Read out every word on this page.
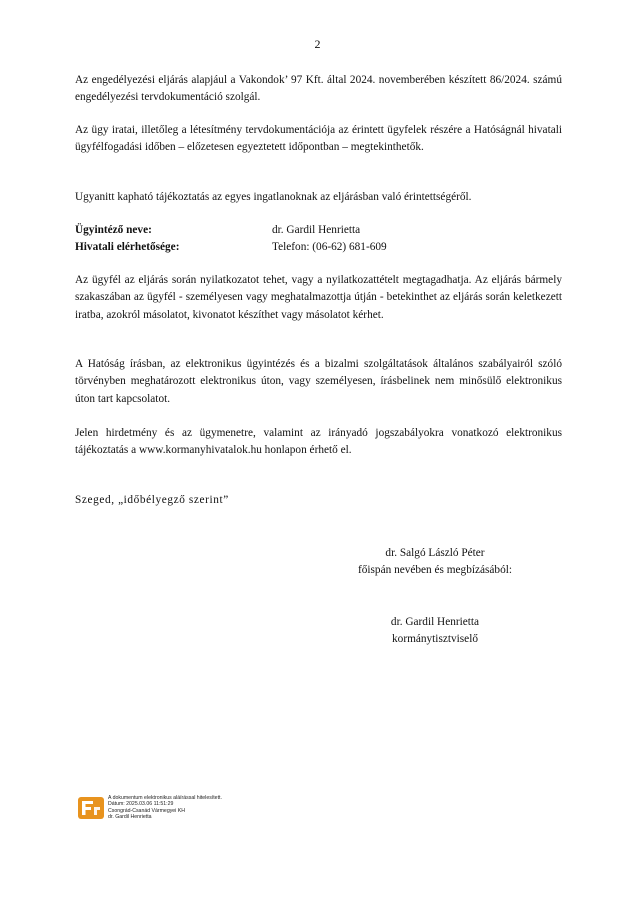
2

Az engedélyezési eljárás alapjául a Vakondok’ 97 Kft. által 2024. novemberében készített 86/2024. számú engedélyezési tervdokumentáció szolgál.

Az ügy iratai, illetőleg a létesítmény tervdokumentációja az érintett ügyfelek részére a Hatóságnál hivatali ügyfélfogadási időben – előzetesen egyeztetett időpontban – megtekinthetők.

Ugyanitt kapható tájékoztatás az egyes ingatlanoknak az eljárásban való érintettségéről.

Ügyintéző neve:	dr. Gardil Henrietta
Hivatali elérhetősége:	Telefon: (06-62) 681-609

Az ügyfél az eljárás során nyilatkozatot tehet, vagy a nyilatkozattételt megtagadhatja. Az eljárás bármely szakaszában az ügyfél - személyesen vagy meghatalmazottja útján - betekinthet az eljárás során keletkezett iratba, azokról másolatot, kivonatot készíthet vagy másolatot kérhet.

A Hatóság írásban, az elektronikus ügyintézés és a bizalmi szolgáltatások általános szabályairól szóló törvényben meghatározott elektronikus úton, vagy személyesen, írásbelinek nem minősülő elektronikus úton tart kapcsolatot.

Jelen hirdetmény és az ügymenetre, valamint az irányadó jogszabályokra vonatkozó elektronikus tájékoztatás a www.kormanyhivatalok.hu honlapon érhető el.

Szeged, „időbélyegző szerint”
dr. Salgó László Péter
főispán nevében és megbízásából:
dr. Gardil Henrietta
kormánytisztviselő
A dokumentum elektronikus aláírással hitelesített.
Dátum: 2025.03.06 11:51:29
Csongrád-Csanád Vármegyei KH
dr. Gardil Henrietta
